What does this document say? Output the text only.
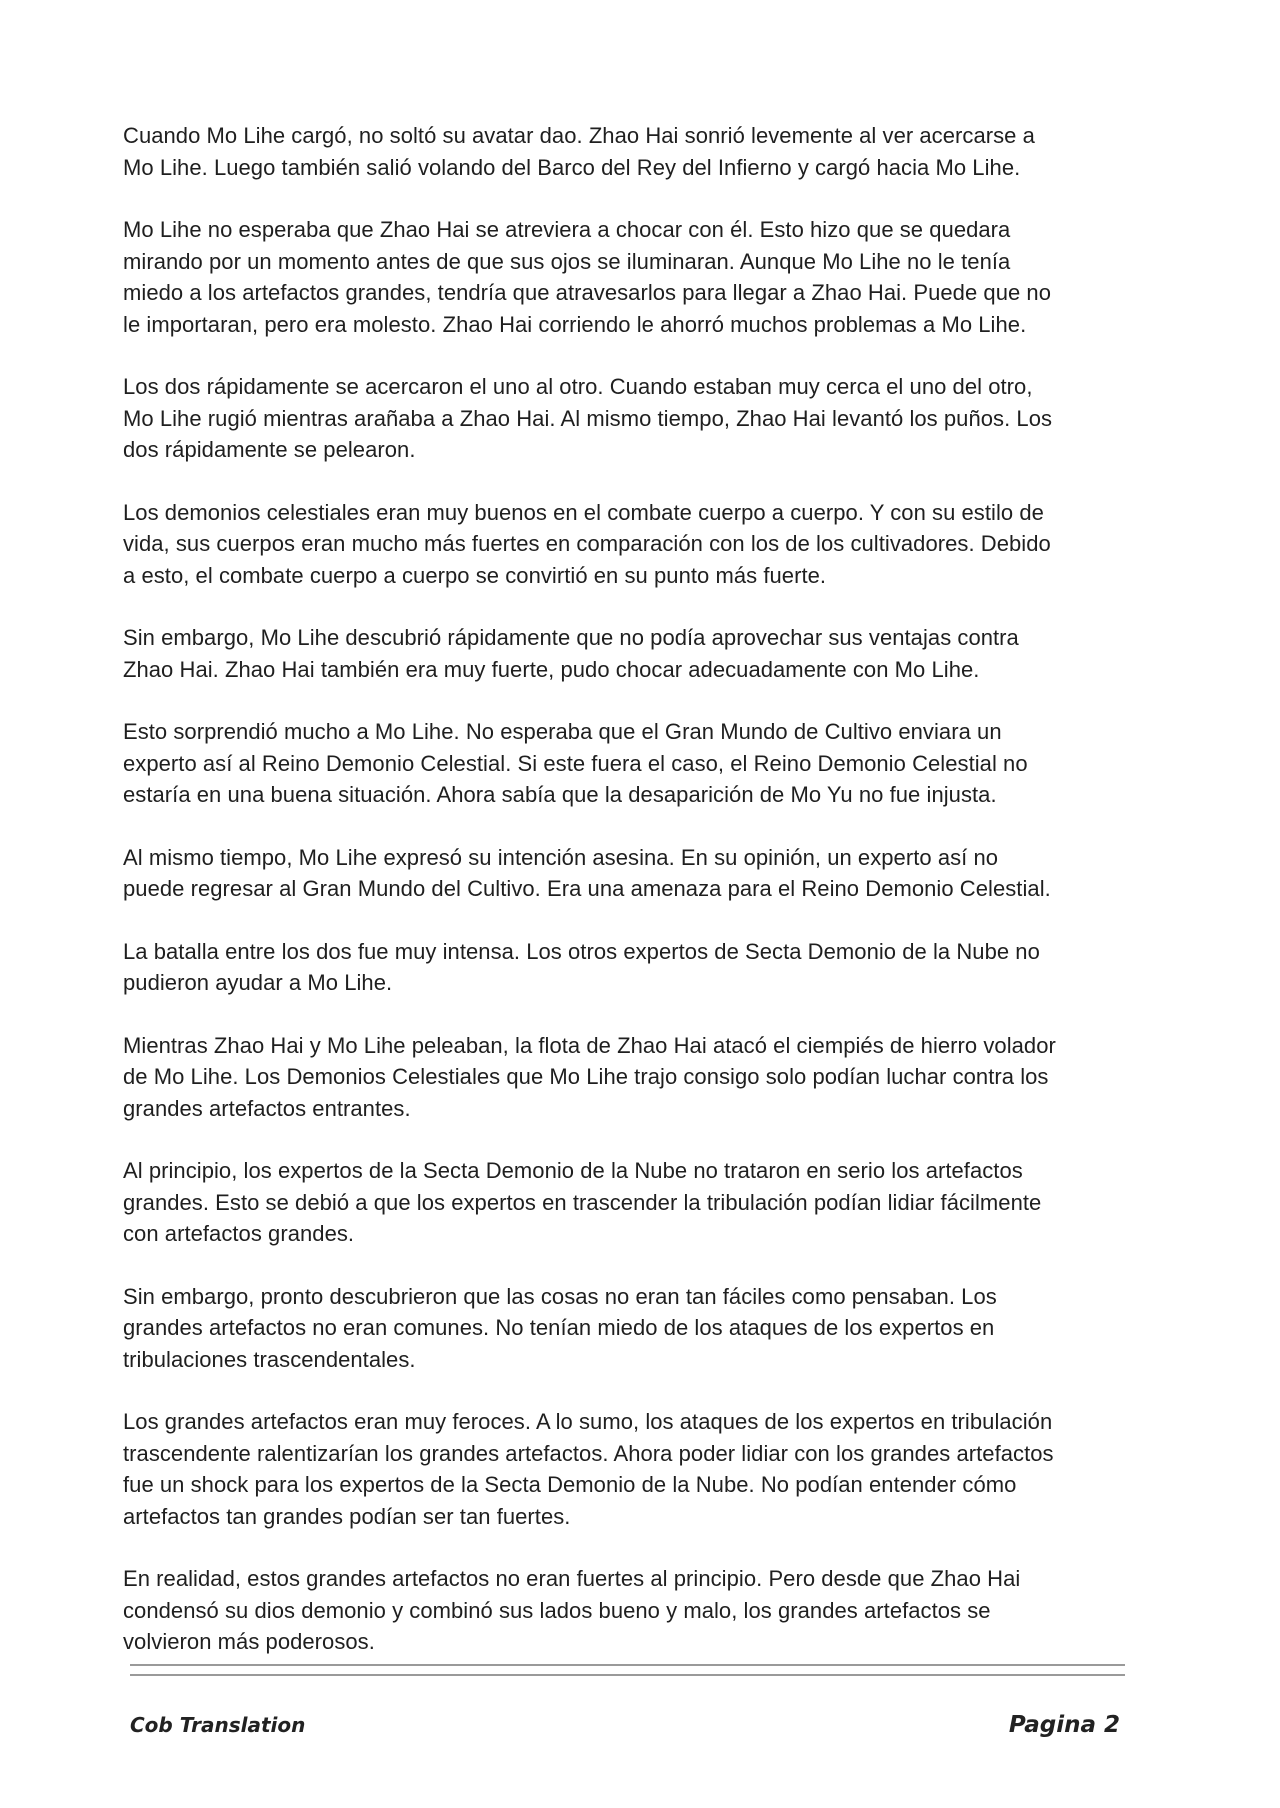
Cuando Mo Lihe cargó, no soltó su avatar dao. Zhao Hai sonrió levemente al ver acercarse a
Mo Lihe. Luego también salió volando del Barco del Rey del Infierno y cargó hacia Mo Lihe.

Mo Lihe no esperaba que Zhao Hai se atreviera a chocar con él. Esto hizo que se quedara
mirando por un momento antes de que sus ojos se iluminaran. Aunque Mo Lihe no le tenía
miedo a los artefactos grandes, tendría que atravesarlos para llegar a Zhao Hai. Puede que no
le importaran, pero era molesto. Zhao Hai corriendo le ahorró muchos problemas a Mo Lihe.

Los dos rápidamente se acercaron el uno al otro. Cuando estaban muy cerca el uno del otro,
Mo Lihe rugió mientras arañaba a Zhao Hai. Al mismo tiempo, Zhao Hai levantó los puños. Los
dos rápidamente se pelearon.

Los demonios celestiales eran muy buenos en el combate cuerpo a cuerpo. Y con su estilo de
vida, sus cuerpos eran mucho más fuertes en comparación con los de los cultivadores. Debido
a esto, el combate cuerpo a cuerpo se convirtió en su punto más fuerte.

Sin embargo, Mo Lihe descubrió rápidamente que no podía aprovechar sus ventajas contra
Zhao Hai. Zhao Hai también era muy fuerte, pudo chocar adecuadamente con Mo Lihe.

Esto sorprendió mucho a Mo Lihe. No esperaba que el Gran Mundo de Cultivo enviara un
experto así al Reino Demonio Celestial. Si este fuera el caso, el Reino Demonio Celestial no
estaría en una buena situación. Ahora sabía que la desaparición de Mo Yu no fue injusta.

Al mismo tiempo, Mo Lihe expresó su intención asesina. En su opinión, un experto así no
puede regresar al Gran Mundo del Cultivo. Era una amenaza para el Reino Demonio Celestial.

La batalla entre los dos fue muy intensa. Los otros expertos de Secta Demonio de la Nube no
pudieron ayudar a Mo Lihe.

Mientras Zhao Hai y Mo Lihe peleaban, la flota de Zhao Hai atacó el ciempiés de hierro volador
de Mo Lihe. Los Demonios Celestiales que Mo Lihe trajo consigo solo podían luchar contra los
grandes artefactos entrantes.

Al principio, los expertos de la Secta Demonio de la Nube no trataron en serio los artefactos
grandes. Esto se debió a que los expertos en trascender la tribulación podían lidiar fácilmente
con artefactos grandes.

Sin embargo, pronto descubrieron que las cosas no eran tan fáciles como pensaban. Los
grandes artefactos no eran comunes. No tenían miedo de los ataques de los expertos en
tribulaciones trascendentales.

Los grandes artefactos eran muy feroces. A lo sumo, los ataques de los expertos en tribulación
trascendente ralentizarían los grandes artefactos. Ahora poder lidiar con los grandes artefactos
fue un shock para los expertos de la Secta Demonio de la Nube. No podían entender cómo
artefactos tan grandes podían ser tan fuertes.

En realidad, estos grandes artefactos no eran fuertes al principio. Pero desde que Zhao Hai
condensó su dios demonio y combinó sus lados bueno y malo, los grandes artefactos se
volvieron más poderosos.

Cob Translation	Pagina 2
